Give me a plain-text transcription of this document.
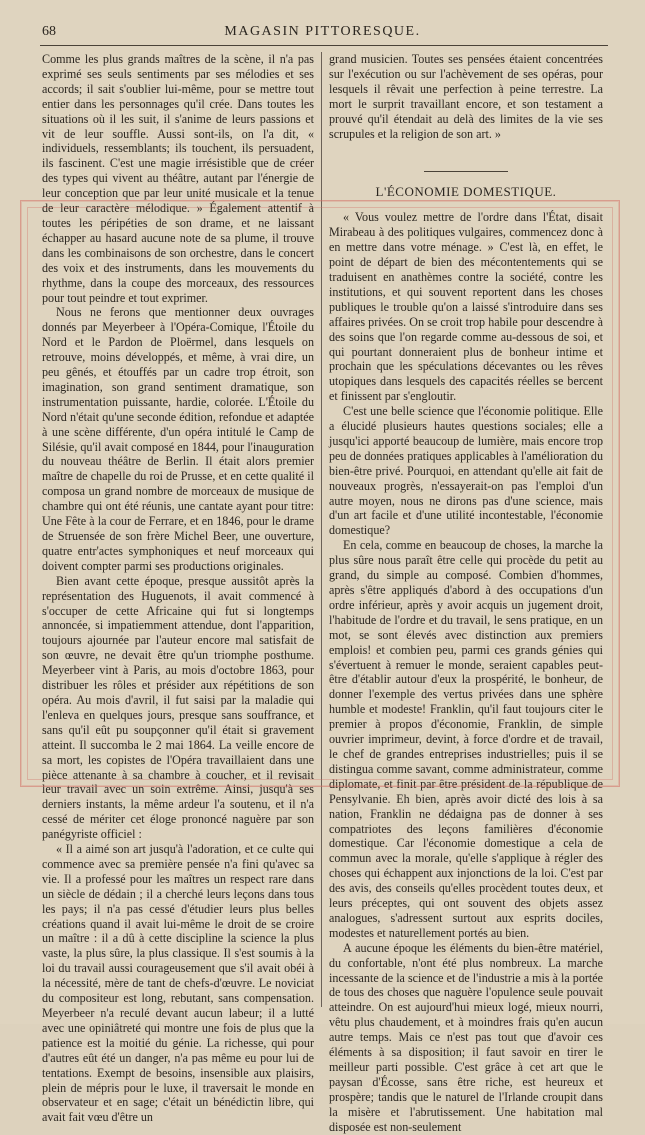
68	MAGASIN PITTORESQUE.

Comme les plus grands maîtres de la scène, il n'a pas exprimé ses seuls sentiments par ses mélodies et ses accords; il sait s'oublier lui-même, pour se mettre tout entier dans les personnages qu'il crée. Dans toutes les situations où il les suit, il s'anime de leurs passions et vit de leur souffle. Aussi sont-ils, on l'a dit, « individuels, ressemblants; ils touchent, ils persuadent, ils fascinent. C'est une magie irrésistible que de créer des types qui vivent au théâtre, autant par l'énergie de leur conception que par leur unité musicale et la tenue de leur caractère mélodique. » Également attentif à toutes les péripéties de son drame, et ne laissant échapper au hasard aucune note de sa plume, il trouve dans les combinaisons de son orchestre, dans le concert des voix et des instruments, dans les mouvements du rhythme, dans la coupe des morceaux, des ressources pour tout peindre et tout exprimer.

Nous ne ferons que mentionner deux ouvrages donnés par Meyerbeer à l'Opéra-Comique, l'Étoile du Nord et le Pardon de Ploërmel, dans lesquels on retrouve, moins développés, et même, à vrai dire, un peu gênés, et étouffés par un cadre trop étroit, son imagination, son grand sentiment dramatique, son instrumentation puissante, hardie, colorée. L'Étoile du Nord n'était qu'une seconde édition, refondue et adaptée à une scène différente, d'un opéra intitulé le Camp de Silésie, qu'il avait composé en 1844, pour l'inauguration du nouveau théâtre de Berlin. Il était alors premier maître de chapelle du roi de Prusse, et en cette qualité il composa un grand nombre de morceaux de musique de chambre qui ont été réunis, une cantate ayant pour titre: Une Fête à la cour de Ferrare, et en 1846, pour le drame de Struensée de son frère Michel Beer, une ouverture, quatre entr'actes symphoniques et neuf morceaux qui doivent compter parmi ses productions originales.

Bien avant cette époque, presque aussitôt après la représentation des Huguenots, il avait commencé à s'occuper de cette Africaine qui fut si longtemps annoncée, si impatiemment attendue, dont l'apparition, toujours ajournée par l'auteur encore mal satisfait de son œuvre, ne devait être qu'un triomphe posthume. Meyerbeer vint à Paris, au mois d'octobre 1863, pour distribuer les rôles et présider aux répétitions de son opéra. Au mois d'avril, il fut saisi par la maladie qui l'enleva en quelques jours, presque sans souffrance, et sans qu'il eût pu soupçonner qu'il était si gravement atteint. Il succomba le 2 mai 1864. La veille encore de sa mort, les copistes de l'Opéra travaillaient dans une pièce attenante à sa chambre à coucher, et il revisait leur travail avec un soin extrême. Ainsi, jusqu'à ses derniers instants, la même ardeur l'a soutenu, et il n'a cessé de mériter cet éloge prononcé naguère par son panégyriste officiel :

« Il a aimé son art jusqu'à l'adoration, et ce culte qui commence avec sa première pensée n'a fini qu'avec sa vie. Il a professé pour les maîtres un respect rare dans un siècle de dédain ; il a cherché leurs leçons dans tous les pays; il n'a pas cessé d'étudier leurs plus belles créations quand il avait lui-même le droit de se croire un maître : il a dû à cette discipline la science la plus vaste, la plus sûre, la plus classique. Il s'est soumis à la loi du travail aussi courageusement que s'il avait obéi à la nécessité, mère de tant de chefs-d'œuvre. Le noviciat du compositeur est long, rebutant, sans compensation. Meyerbeer n'a reculé devant aucun labeur; il a lutté avec une opiniâtreté qui montre une fois de plus que la patience est la moitié du génie. La richesse, qui pour d'autres eût été un danger, n'a pas même eu pour lui de tentations. Exempt de besoins, insensible aux plaisirs, plein de mépris pour le luxe, il traversait le monde en observateur et en sage; c'était un bénédictin libre, qui avait fait vœu d'être un

grand musicien. Toutes ses pensées étaient concentrées sur l'exécution ou sur l'achèvement de ses opéras, pour lesquels il rêvait une perfection à peine terrestre. La mort le surprit travaillant encore, et son testament a prouvé qu'il étendait au delà des limites de la vie ses scrupules et la religion de son art. »

L'ÉCONOMIE DOMESTIQUE.

« Vous voulez mettre de l'ordre dans l'État, disait Mirabeau à des politiques vulgaires, commencez donc à en mettre dans votre ménage. » C'est là, en effet, le point de départ de bien des mécontentements qui se traduisent en anathèmes contre la société, contre les institutions, et qui souvent reportent dans les choses publiques le trouble qu'on a laissé s'introduire dans ses affaires privées. On se croit trop habile pour descendre à des soins que l'on regarde comme au-dessous de soi, et qui pourtant donneraient plus de bonheur intime et prochain que les spéculations décevantes ou les rêves utopiques dans lesquels des capacités réelles se bercent et finissent par s'engloutir.

C'est une belle science que l'économie politique. Elle a élucidé plusieurs hautes questions sociales; elle a jusqu'ici apporté beaucoup de lumière, mais encore trop peu de données pratiques applicables à l'amélioration du bien-être privé. Pourquoi, en attendant qu'elle ait fait de nouveaux progrès, n'essayerait-on pas l'emploi d'un autre moyen, nous ne dirons pas d'une science, mais d'un art facile et d'une utilité incontestable, l'économie domestique?

En cela, comme en beaucoup de choses, la marche la plus sûre nous paraît être celle qui procède du petit au grand, du simple au composé. Combien d'hommes, après s'être appliqués d'abord à des occupations d'un ordre inférieur, après y avoir acquis un jugement droit, l'habitude de l'ordre et du travail, le sens pratique, en un mot, se sont élevés avec distinction aux premiers emplois! et combien peu, parmi ces grands génies qui s'évertuent à remuer le monde, seraient capables peut-être d'établir autour d'eux la prospérité, le bonheur, de donner l'exemple des vertus privées dans une sphère humble et modeste! Franklin, qu'il faut toujours citer le premier à propos d'économie, Franklin, de simple ouvrier imprimeur, devint, à force d'ordre et de travail, le chef de grandes entreprises industrielles; puis il se distingua comme savant, comme administrateur, comme diplomate, et finit par être président de la république de Pensylvanie. Eh bien, après avoir dicté des lois à sa nation, Franklin ne dédaigna pas de donner à ses compatriotes des leçons familières d'économie domestique. Car l'économie domestique a cela de commun avec la morale, qu'elle s'applique à régler des choses qui échappent aux injonctions de la loi. C'est par des avis, des conseils qu'elles procèdent toutes deux, et leurs préceptes, qui ont souvent des objets assez analogues, s'adressent surtout aux esprits dociles, modestes et naturellement portés au bien.

A aucune époque les éléments du bien-être matériel, du confortable, n'ont été plus nombreux. La marche incessante de la science et de l'industrie a mis à la portée de tous des choses que naguère l'opulence seule pouvait atteindre. On est aujourd'hui mieux logé, mieux nourri, vêtu plus chaudement, et à moindres frais qu'en aucun autre temps. Mais ce n'est pas tout que d'avoir ces éléments à sa disposition; il faut savoir en tirer le meilleur parti possible. C'est grâce à cet art que le paysan d'Écosse, sans être riche, est heureux et prospère; tandis que le naturel de l'Irlande croupit dans la misère et l'abrutissement. Une habitation mal disposée est non-seulement
